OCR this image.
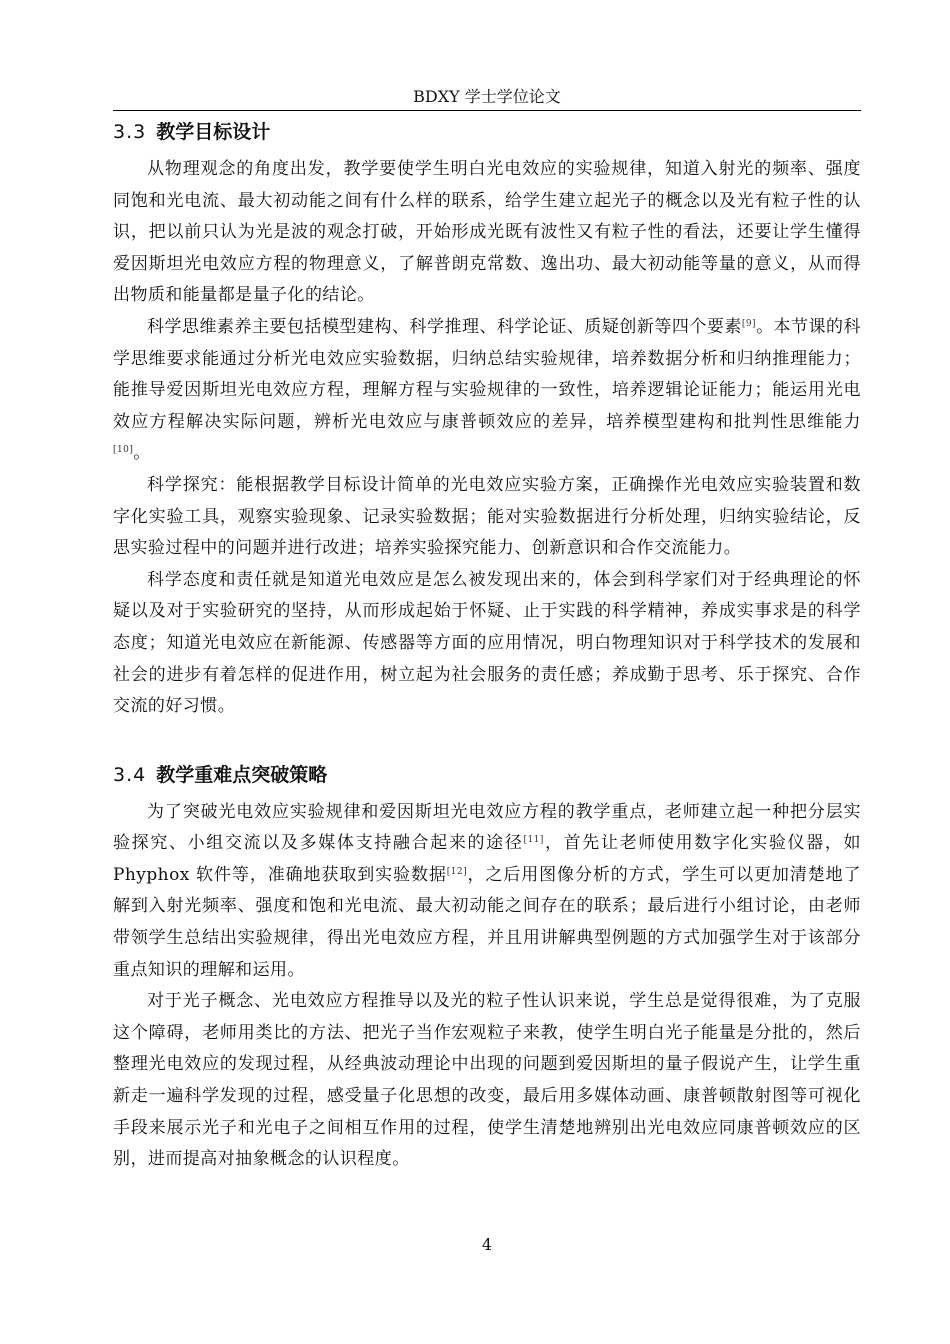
BDXY 学士学位论文
3.3 教学目标设计

从物理观念的角度出发，教学要使学生明白光电效应的实验规律，知道入射光的频率、强度同饱和光电流、最大初动能之间有什么样的联系，给学生建立起光子的概念以及光有粒子性的认识，把以前只认为光是波的观念打破，开始形成光既有波性又有粒子性的看法，还要让学生懂得爱因斯坦光电效应方程的物理意义，了解普朗克常数、逸出功、最大初动能等量的意义，从而得出物质和能量都是量子化的结论。

科学思维素养主要包括模型建构、科学推理、科学论证、质疑创新等四个要素[9]。本节课的科学思维要求能通过分析光电效应实验数据，归纳总结实验规律，培养数据分析和归纳推理能力；能推导爱因斯坦光电效应方程，理解方程与实验规律的一致性，培养逻辑论证能力；能运用光电效应方程解决实际问题，辨析光电效应与康普顿效应的差异，培养模型建构和批判性思维能力[10]。

科学探究：能根据教学目标设计简单的光电效应实验方案，正确操作光电效应实验装置和数字化实验工具，观察实验现象、记录实验数据；能对实验数据进行分析处理，归纳实验结论，反思实验过程中的问题并进行改进；培养实验探究能力、创新意识和合作交流能力。

科学态度和责任就是知道光电效应是怎么被发现出来的，体会到科学家们对于经典理论的怀疑以及对于实验研究的坚持，从而形成起始于怀疑、止于实践的科学精神，养成实事求是的科学态度；知道光电效应在新能源、传感器等方面的应用情况，明白物理知识对于科学技术的发展和社会的进步有着怎样的促进作用，树立起为社会服务的责任感；养成勤于思考、乐于探究、合作交流的好习惯。

3.4 教学重难点突破策略

为了突破光电效应实验规律和爱因斯坦光电效应方程的教学重点，老师建立起一种把分层实验探究、小组交流以及多媒体支持融合起来的途径[11]，首先让老师使用数字化实验仪器，如 Phyphox 软件等，准确地获取到实验数据[12]，之后用图像分析的方式，学生可以更加清楚地了解到入射光频率、强度和饱和光电流、最大初动能之间存在的联系；最后进行小组讨论，由老师带领学生总结出实验规律，得出光电效应方程，并且用讲解典型例题的方式加强学生对于该部分重点知识的理解和运用。

对于光子概念、光电效应方程推导以及光的粒子性认识来说，学生总是觉得很难，为了克服这个障碍，老师用类比的方法、把光子当作宏观粒子来教，使学生明白光子能量是分批的，然后整理光电效应的发现过程，从经典波动理论中出现的问题到爱因斯坦的量子假说产生，让学生重新走一遍科学发现的过程，感受量子化思想的改变，最后用多媒体动画、康普顿散射图等可视化手段来展示光子和光电子之间相互作用的过程，使学生清楚地辨别出光电效应同康普顿效应的区别，进而提高对抽象概念的认识程度。

4
